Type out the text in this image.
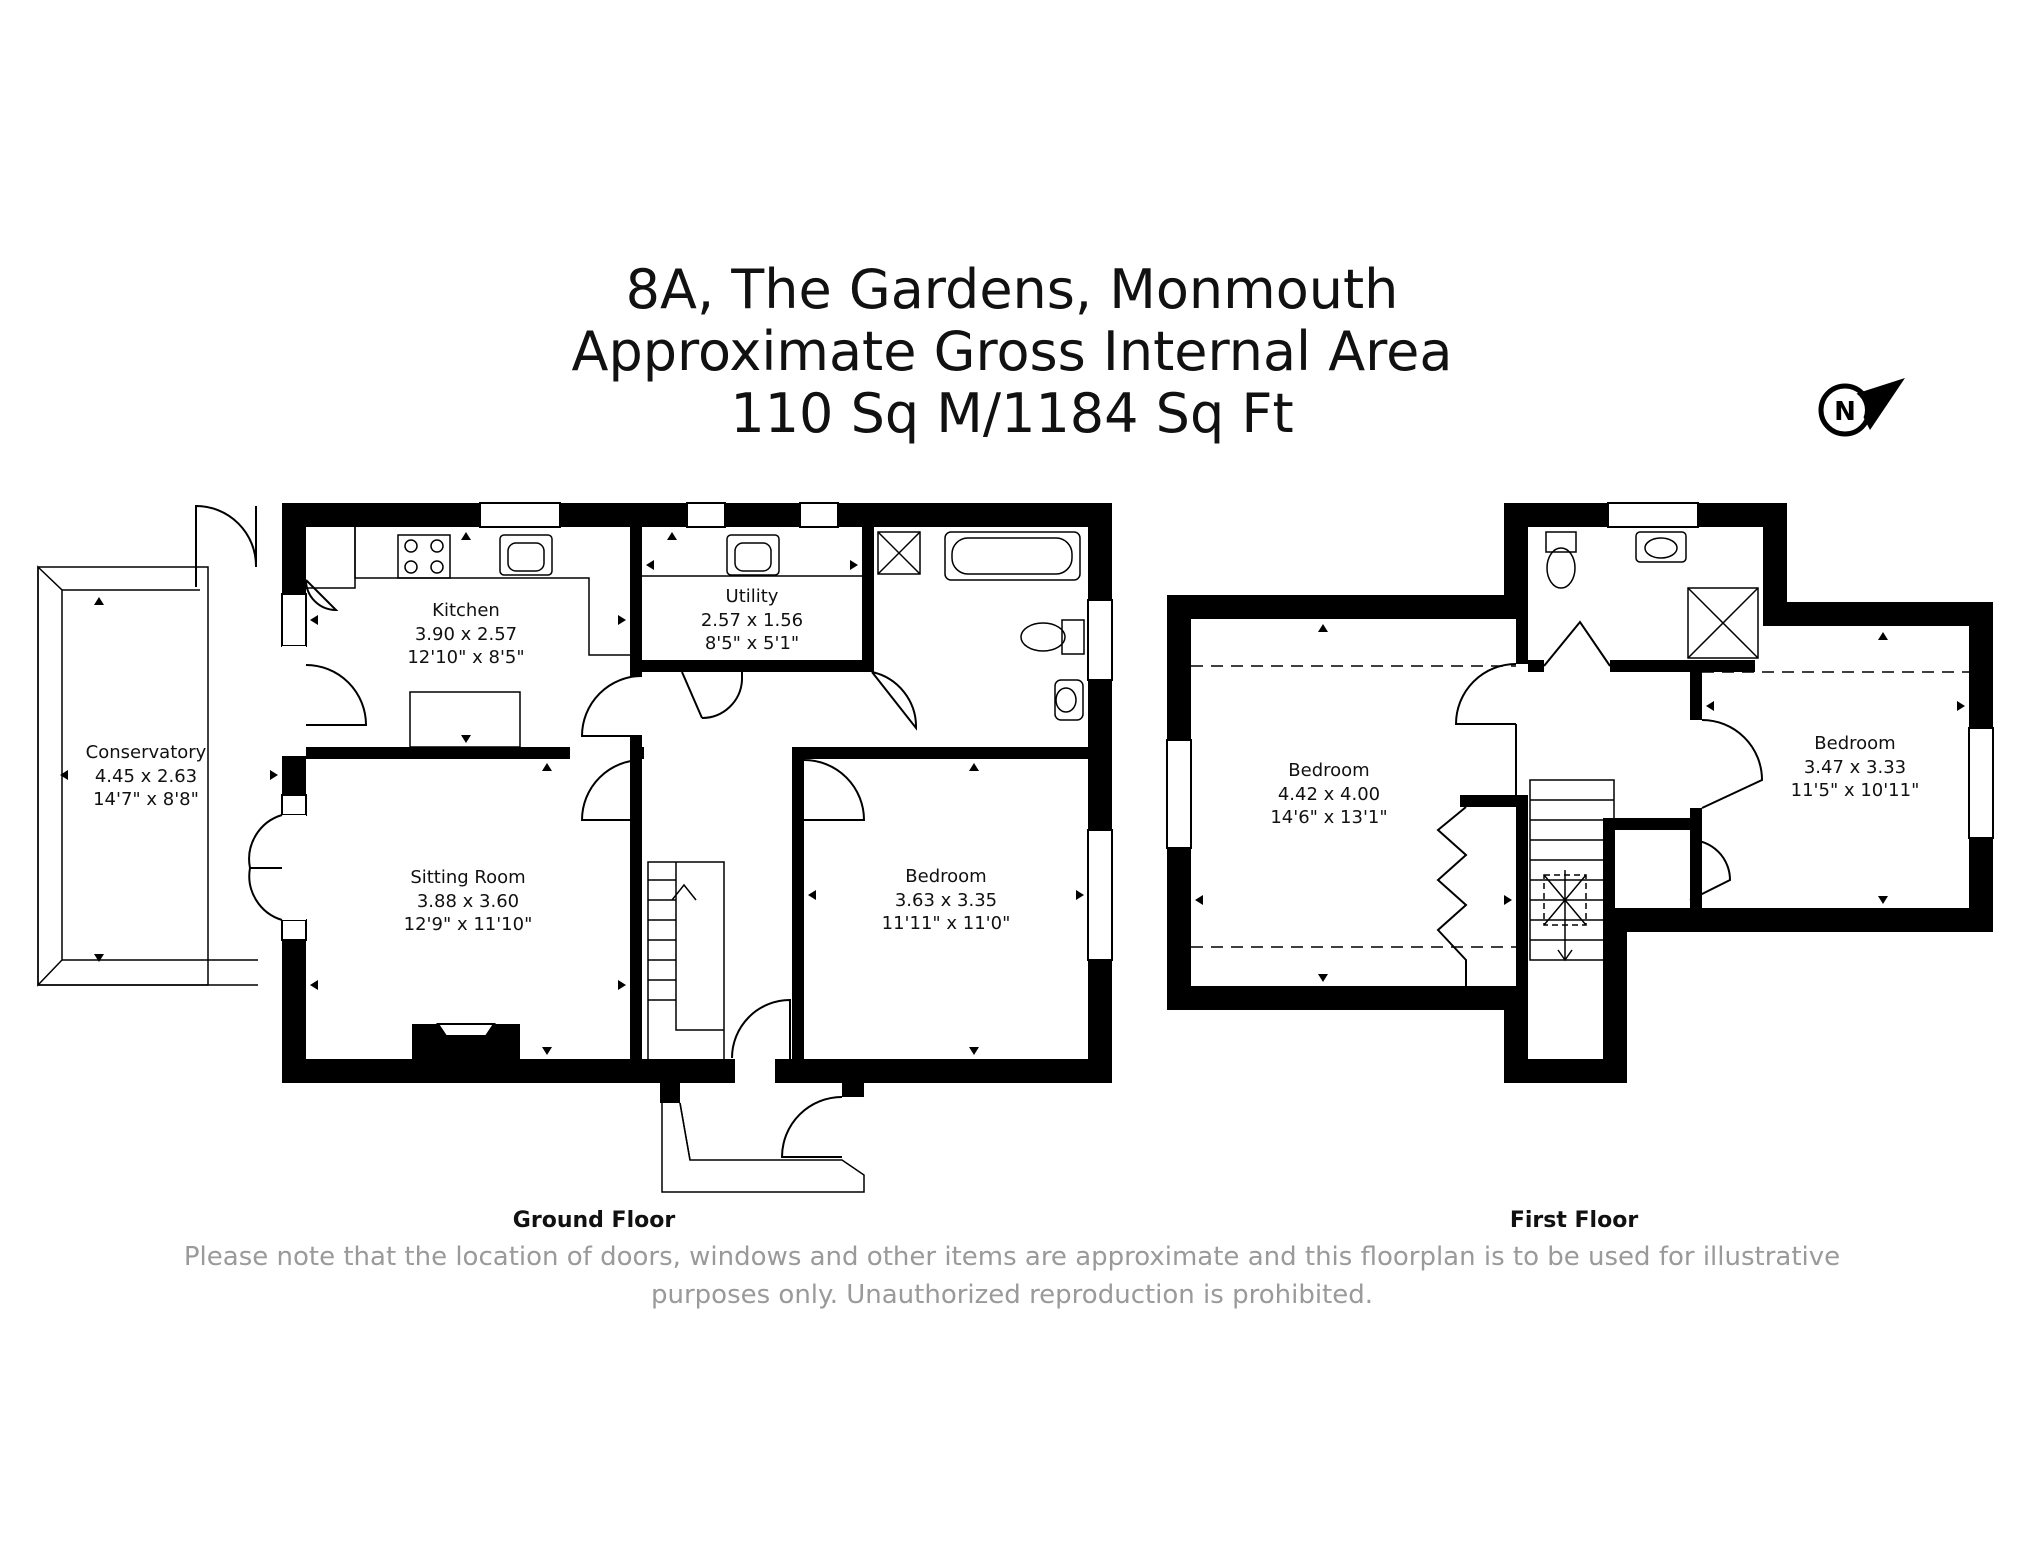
8A, The Gardens, Monmouth
Approximate Gross Internal Area
110 Sq M/1184 Sq Ft	N
Kitchen
3.90 x 2.57
12'10" x 8'5"
Utility
2.57 x 1.56
8'5" x 5'1"
Conservatory
4.45 x 2.63
14'7" x 8'8"
Sitting Room
3.88 x 3.60
12'9" x 11'10"
Bedroom
3.63 x 3.35
11'11" x 11'0"
Ground Floor
Bedroom
4.42 x 4.00
14'6" x 13'1"
Bedroom
3.47 x 3.33
11'5" x 10'11"
First Floor
Please note that the location of doors, windows and other items are approximate and this floorplan is to be used for illustrative
purposes only. Unauthorized reproduction is prohibited.
